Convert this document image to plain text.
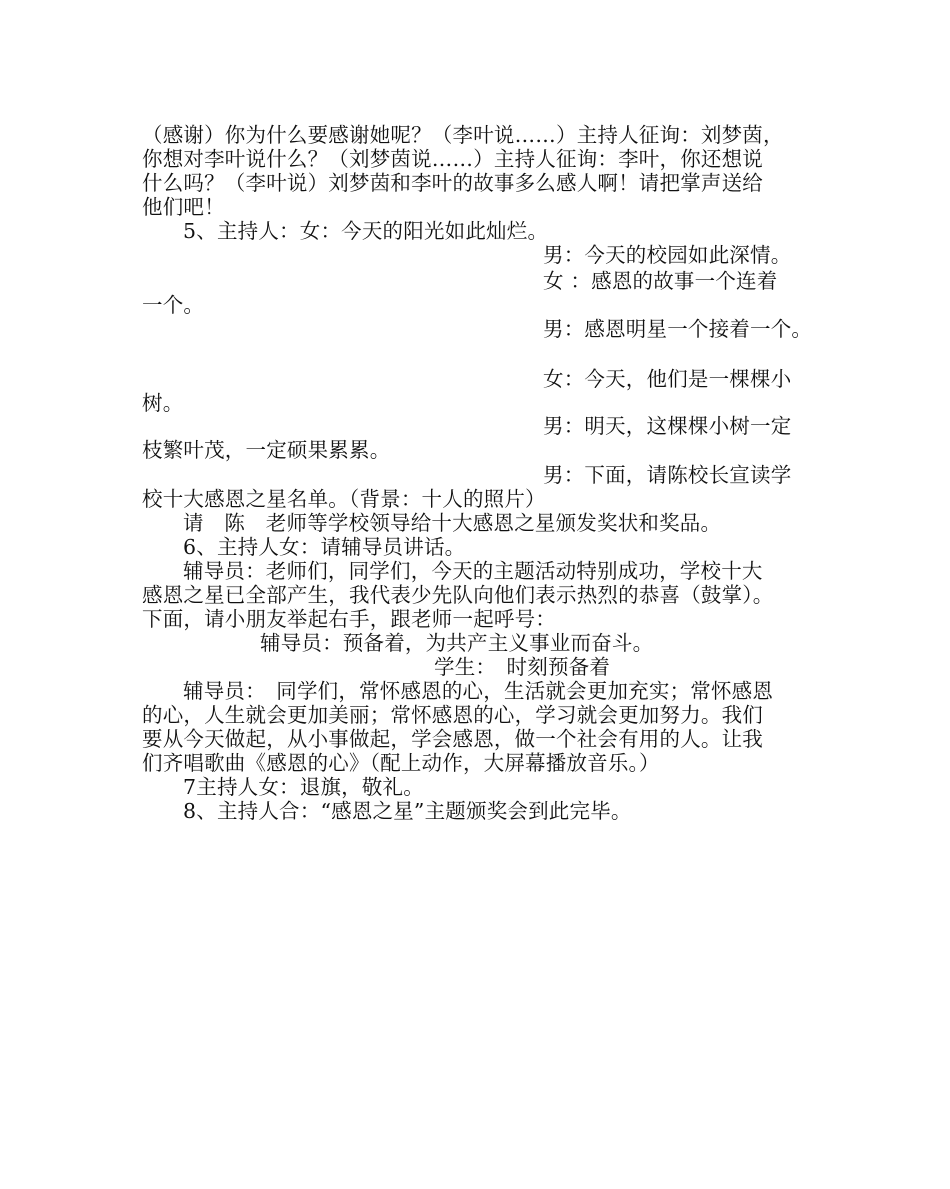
（感谢）你为什么要感谢她呢？（李叶说……）主持人征询：刘梦茵，
你想对李叶说什么？（刘梦茵说……）主持人征询：李叶，你还想说
什么吗？（李叶说）刘梦茵和李叶的故事多么感人啊！请把掌声送给
他们吧！
5、主持人：女：今天的阳光如此灿烂。
男：今天的校园如此深情。
女 ：感恩的故事一个连着
一个。
男：感恩明星一个接着一个。
女：今天，他们是一棵棵小
树。
男：明天，这棵棵小树一定
枝繁叶茂，一定硕果累累。
男：下面，请陈校长宣读学
校十大感恩之星名单。（背景：十人的照片）
请　陈　老师等学校领导给十大感恩之星颁发奖状和奖品。
6、主持人女：请辅导员讲话。
辅导员：老师们，同学们，今天的主题活动特别成功，学校十大
感恩之星已全部产生，我代表少先队向他们表示热烈的恭喜（鼓掌）。
下面，请小朋友举起右手，跟老师一起呼号：
辅导员：预备着，为共产主义事业而奋斗。
学生：　时刻预备着
辅导员：　同学们，常怀感恩的心，生活就会更加充实；常怀感恩
的心，人生就会更加美丽；常怀感恩的心，学习就会更加努力。我们
要从今天做起，从小事做起，学会感恩，做一个社会有用的人。让我
们齐唱歌曲《感恩的心》（配上动作，大屏幕播放音乐。）
7主持人女：退旗，敬礼。
8、主持人合：“感恩之星”主题颁奖会到此完毕。
